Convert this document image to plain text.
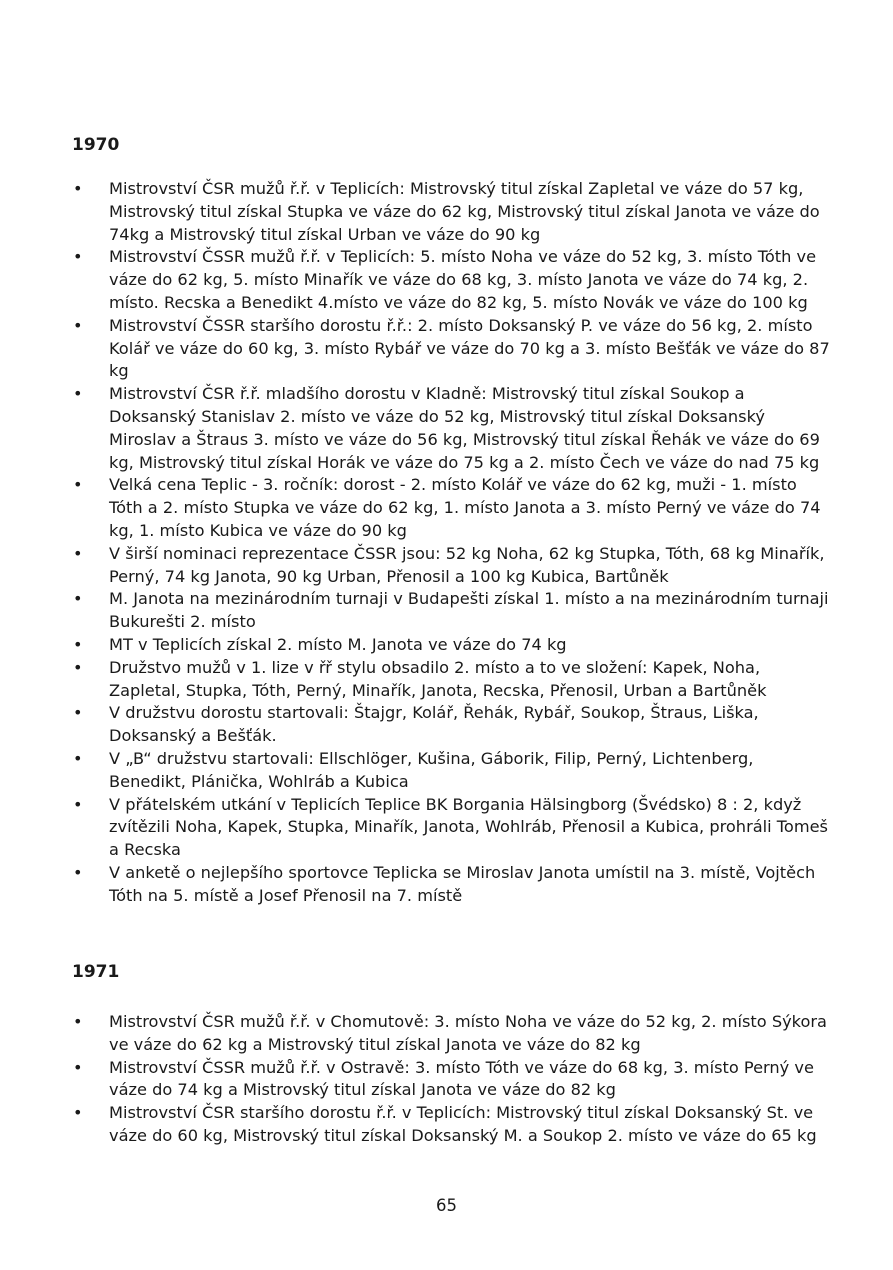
1970
• Mistrovství ČSR mužů ř.ř. v Teplicích: Mistrovský titul získal Zapletal ve váze do 57 kg, Mistrovský titul získal Stupka ve váze do 62 kg, Mistrovský titul získal Janota ve váze do 74kg a Mistrovský titul získal Urban ve váze do 90 kg
• Mistrovství ČSSR mužů ř.ř. v Teplicích: 5. místo Noha ve váze do 52 kg, 3. místo Tóth ve váze do 62 kg, 5. místo Minařík ve váze do 68 kg, 3. místo Janota ve váze do 74 kg, 2. místo. Recska a Benedikt 4.místo ve váze do 82 kg, 5. místo Novák ve váze do 100 kg
• Mistrovství ČSSR staršího dorostu ř.ř.: 2. místo Doksanský P. ve váze do 56 kg, 2. místo Kolář ve váze do 60 kg, 3. místo Rybář ve váze do 70 kg a 3. místo Bešťák ve váze do 87 kg
• Mistrovství ČSR ř.ř. mladšího dorostu v Kladně: Mistrovský titul získal Soukop a Doksanský Stanislav 2. místo ve váze do 52 kg, Mistrovský titul získal Doksanský Miroslav a Štraus 3. místo ve váze do 56 kg, Mistrovský titul získal Řehák ve váze do 69 kg, Mistrovský titul získal Horák ve váze do 75 kg a 2. místo Čech ve váze do nad 75 kg
• Velká cena Teplic - 3. ročník: dorost - 2. místo Kolář ve váze do 62 kg, muži - 1. místo Tóth a 2. místo Stupka ve váze do 62 kg, 1. místo Janota a 3. místo Perný ve váze do 74 kg, 1. místo Kubica ve váze do 90 kg
• V širší nominaci reprezentace ČSSR jsou: 52 kg Noha, 62 kg Stupka, Tóth, 68 kg Minařík, Perný, 74 kg Janota, 90 kg Urban, Přenosil a 100 kg Kubica, Bartůněk
• M. Janota na mezinárodním turnaji v Budapešti získal 1. místo a na mezinárodním turnaji Bukurešti 2. místo
• MT v Teplicích získal 2. místo M. Janota ve váze do 74 kg
• Družstvo mužů v 1. lize v řř stylu obsadilo 2. místo a to ve složení: Kapek, Noha, Zapletal, Stupka, Tóth, Perný, Minařík, Janota, Recska, Přenosil, Urban a Bartůněk
• V družstvu dorostu startovali: Štajgr, Kolář, Řehák, Rybář, Soukop, Štraus, Liška, Doksanský a Bešťák.
• V „B“ družstvu startovali: Ellschlöger, Kušina, Gáborik, Filip, Perný, Lichtenberg, Benedikt, Plánička, Wohlráb a Kubica
• V přátelském utkání v Teplicích Teplice BK Borgania Hälsingborg (Švédsko) 8 : 2, když zvítězili Noha, Kapek, Stupka, Minařík, Janota, Wohlráb, Přenosil a Kubica, prohráli Tomeš a Recska
• V anketě o nejlepšího sportovce Teplicka se Miroslav Janota umístil na 3. místě, Vojtěch Tóth na 5. místě a Josef Přenosil na 7. místě
1971
• Mistrovství ČSR mužů ř.ř. v Chomutově: 3. místo Noha ve váze do 52 kg, 2. místo Sýkora ve váze do 62 kg a Mistrovský titul získal Janota ve váze do 82 kg
• Mistrovství ČSSR mužů ř.ř. v Ostravě: 3. místo Tóth ve váze do 68 kg, 3. místo Perný ve váze do 74 kg a Mistrovský titul získal Janota ve váze do 82 kg
• Mistrovství ČSR staršího dorostu ř.ř. v Teplicích: Mistrovský titul získal Doksanský St. ve váze do 60 kg, Mistrovský titul získal Doksanský M. a Soukop 2. místo ve váze do 65 kg
65
